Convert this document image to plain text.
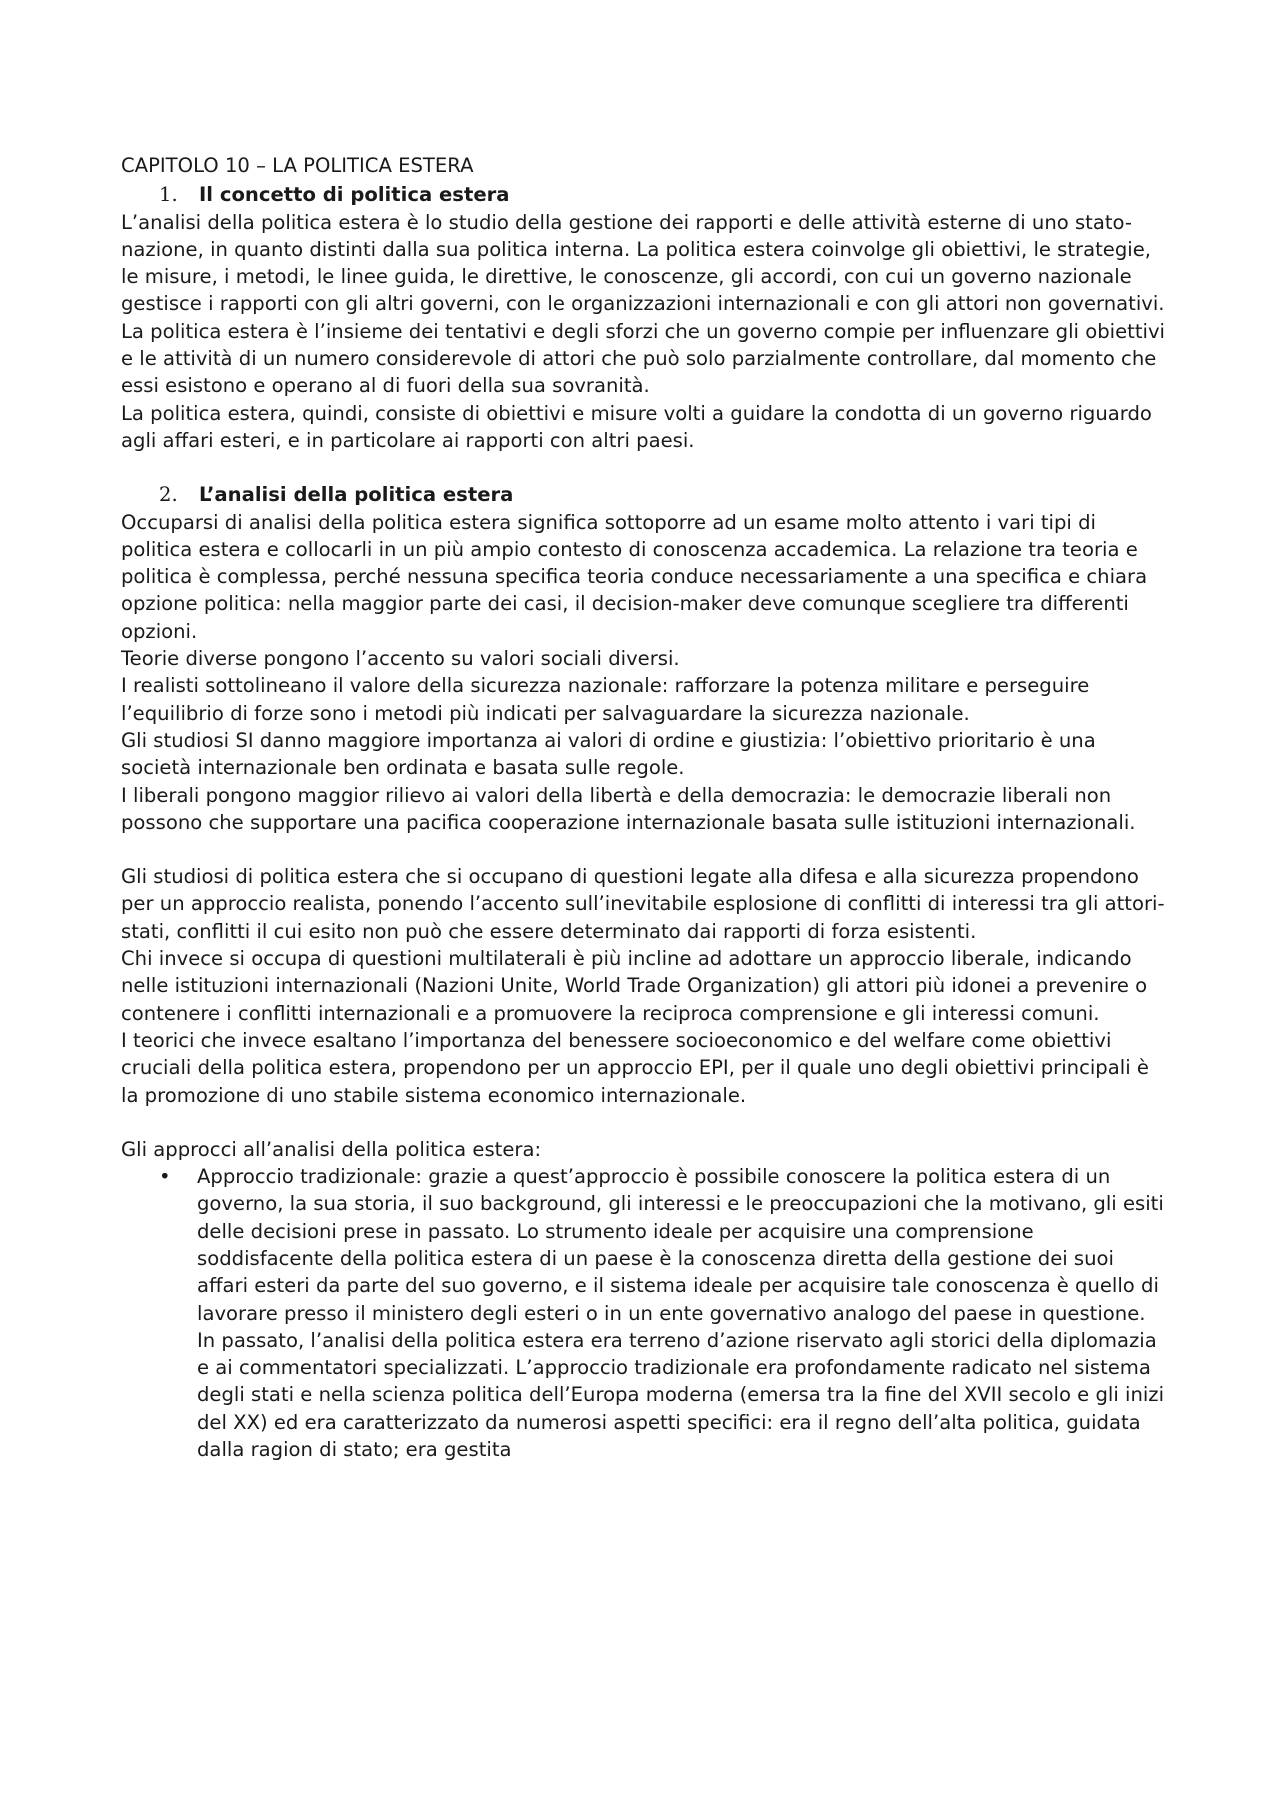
CAPITOLO 10 – LA POLITICA ESTERA

1.	Il concetto di politica estera

L’analisi della politica estera è lo studio della gestione dei rapporti e delle attività esterne di uno stato-nazione, in quanto distinti dalla sua politica interna. La politica estera coinvolge gli obiettivi, le strategie, le misure, i metodi, le linee guida, le direttive, le conoscenze, gli accordi, con cui un governo nazionale gestisce i rapporti con gli altri governi, con le organizzazioni internazionali e con gli attori non governativi.

La politica estera è l’insieme dei tentativi e degli sforzi che un governo compie per influenzare gli obiettivi e le attività di un numero considerevole di attori che può solo parzialmente controllare, dal momento che essi esistono e operano al di fuori della sua sovranità.

La politica estera, quindi, consiste di obiettivi e misure volti a guidare la condotta di un governo riguardo agli affari esteri, e in particolare ai rapporti con altri paesi.

2.	L’analisi della politica estera

Occuparsi di analisi della politica estera significa sottoporre ad un esame molto attento i vari tipi di politica estera e collocarli in un più ampio contesto di conoscenza accademica. La relazione tra teoria e politica è complessa, perché nessuna specifica teoria conduce necessariamente a una specifica e chiara opzione politica: nella maggior parte dei casi, il decision-maker deve comunque scegliere tra differenti opzioni.

Teorie diverse pongono l’accento su valori sociali diversi.

I realisti sottolineano il valore della sicurezza nazionale: rafforzare la potenza militare e perseguire l’equilibrio di forze sono i metodi più indicati per salvaguardare la sicurezza nazionale.

Gli studiosi SI danno maggiore importanza ai valori di ordine e giustizia: l’obiettivo prioritario è una società internazionale ben ordinata e basata sulle regole.

I liberali pongono maggior rilievo ai valori della libertà e della democrazia: le democrazie liberali non possono che supportare una pacifica cooperazione internazionale basata sulle istituzioni internazionali.

Gli studiosi di politica estera che si occupano di questioni legate alla difesa e alla sicurezza propendono per un approccio realista, ponendo l’accento sull’inevitabile esplosione di conflitti di interessi tra gli attori-stati, conflitti il cui esito non può che essere determinato dai rapporti di forza esistenti.

Chi invece si occupa di questioni multilaterali è più incline ad adottare un approccio liberale, indicando nelle istituzioni internazionali (Nazioni Unite, World Trade Organization) gli attori più idonei a prevenire o contenere i conflitti internazionali e a promuovere la reciproca comprensione e gli interessi comuni.

I teorici che invece esaltano l’importanza del benessere socioeconomico e del welfare come obiettivi cruciali della politica estera, propendono per un approccio EPI, per il quale uno degli obiettivi principali è la promozione di uno stabile sistema economico internazionale.

Gli approcci all’analisi della politica estera:

•	Approccio tradizionale: grazie a quest’approccio è possibile conoscere la politica estera di un governo, la sua storia, il suo background, gli interessi e le preoccupazioni che la motivano, gli esiti delle decisioni prese in passato. Lo strumento ideale per acquisire una comprensione soddisfacente della politica estera di un paese è la conoscenza diretta della gestione dei suoi affari esteri da parte del suo governo, e il sistema ideale per acquisire tale conoscenza è quello di lavorare presso il ministero degli esteri o in un ente governativo analogo del paese in questione.

In passato, l’analisi della politica estera era terreno d’azione riservato agli storici della diplomazia e ai commentatori specializzati. L’approccio tradizionale era profondamente radicato nel sistema degli stati e nella scienza politica dell’Europa moderna (emersa tra la fine del XVII secolo e gli inizi del XX) ed era caratterizzato da numerosi aspetti specifici: era il regno dell’alta politica, guidata dalla ragion di stato; era gestita
